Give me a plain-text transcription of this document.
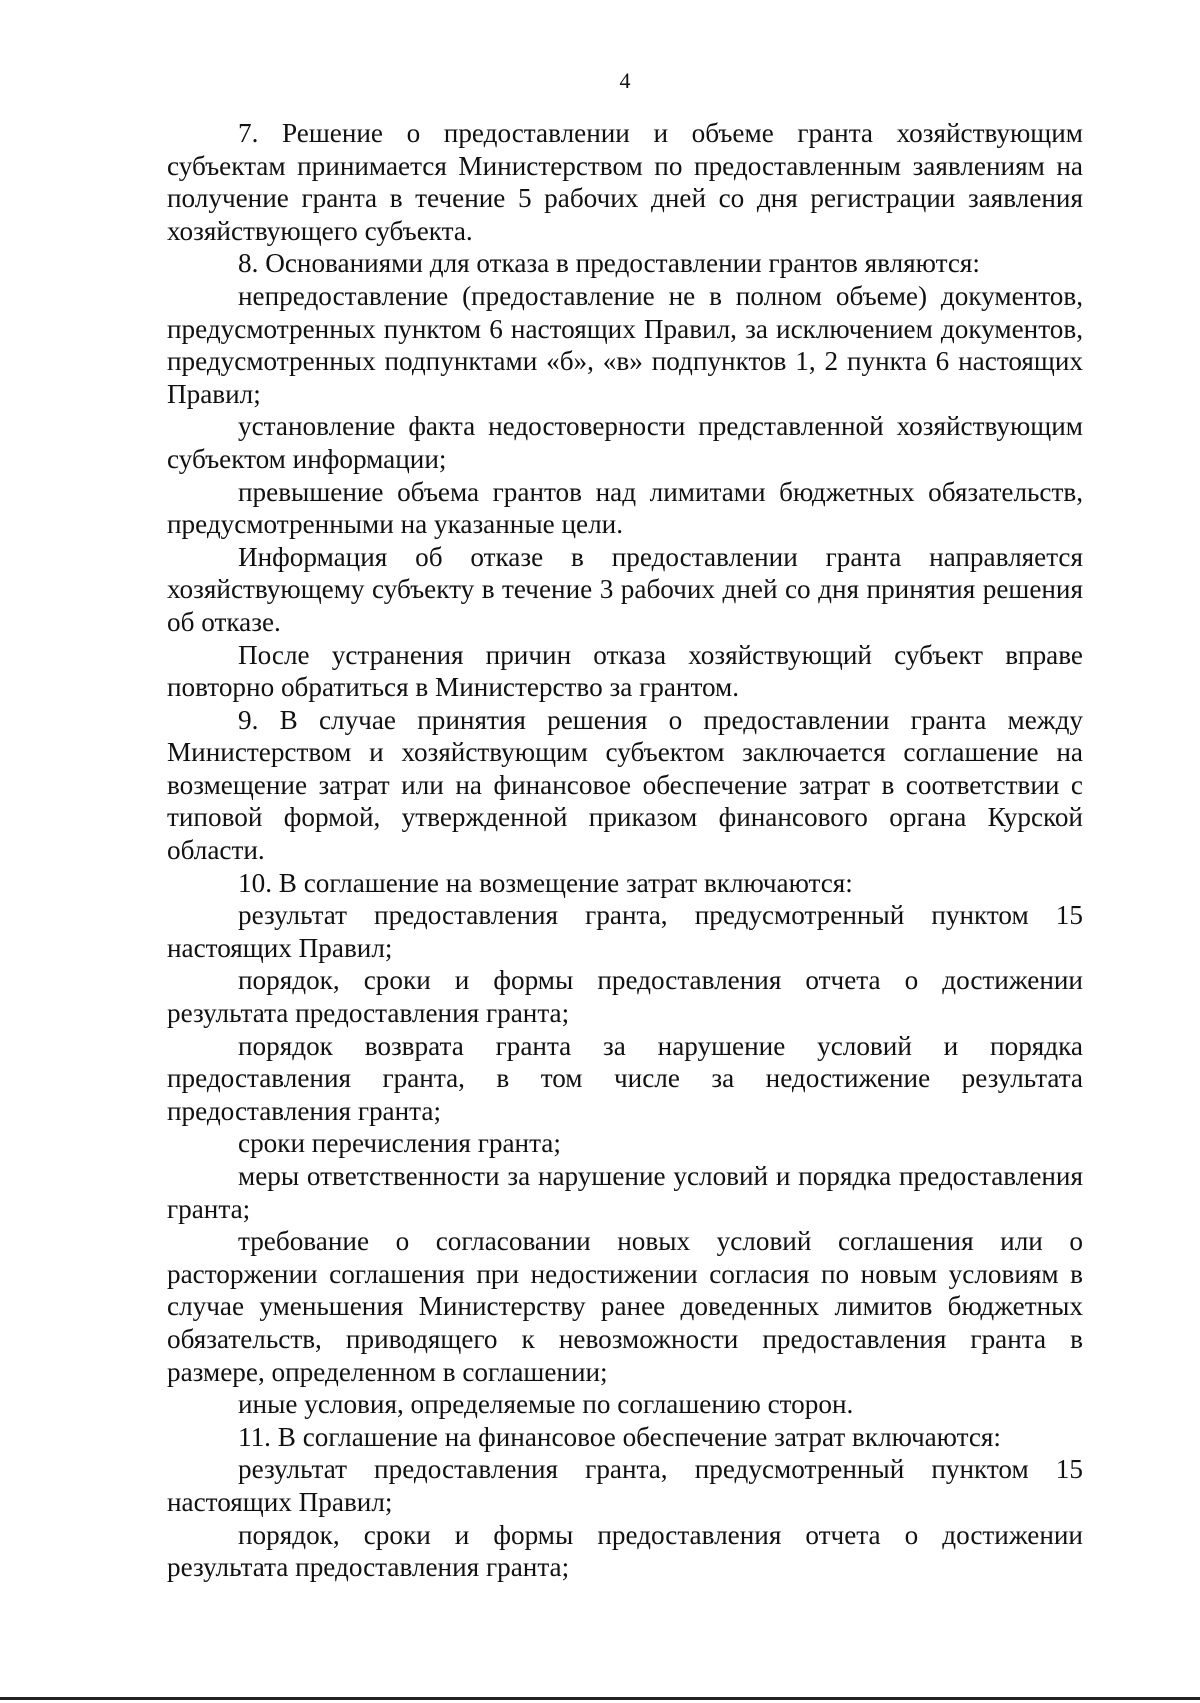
4

7. Решение о предоставлении и объеме гранта хозяйствующим субъектам принимается Министерством по предоставленным заявлениям на получение гранта в течение 5 рабочих дней со дня регистрации заявления хозяйствующего субъекта.

8. Основаниями для отказа в предоставлении грантов являются:

непредоставление (предоставление не в полном объеме) документов, предусмотренных пунктом 6 настоящих Правил, за исключением документов, предусмотренных подпунктами «б», «в» подпунктов 1, 2 пункта 6 настоящих Правил;

установление факта недостоверности представленной хозяйствующим субъектом информации;

превышение объема грантов над лимитами бюджетных обязательств, предусмотренными на указанные цели.

Информация об отказе в предоставлении гранта направляется хозяйствующему субъекту в течение 3 рабочих дней со дня принятия решения об отказе.

После устранения причин отказа хозяйствующий субъект вправе повторно обратиться в Министерство за грантом.

9. В случае принятия решения о предоставлении гранта между Министерством и хозяйствующим субъектом заключается соглашение на возмещение затрат или на финансовое обеспечение затрат в соответствии с типовой формой, утвержденной приказом финансового органа Курской области.

10. В соглашение на возмещение затрат включаются:

результат предоставления гранта, предусмотренный пунктом 15 настоящих Правил;

порядок, сроки и формы предоставления отчета о достижении результата предоставления гранта;

порядок возврата гранта за нарушение условий и порядка предоставления гранта, в том числе за недостижение результата предоставления гранта;

сроки перечисления гранта;

меры ответственности за нарушение условий и порядка предоставления гранта;

требование о согласовании новых условий соглашения или о расторжении соглашения при недостижении согласия по новым условиям в случае уменьшения Министерству ранее доведенных лимитов бюджетных обязательств, приводящего к невозможности предоставления гранта в размере, определенном в соглашении;

иные условия, определяемые по соглашению сторон.

11. В соглашение на финансовое обеспечение затрат включаются:

результат предоставления гранта, предусмотренный пунктом 15 настоящих Правил;

порядок, сроки и формы предоставления отчета о достижении результата предоставления гранта;
